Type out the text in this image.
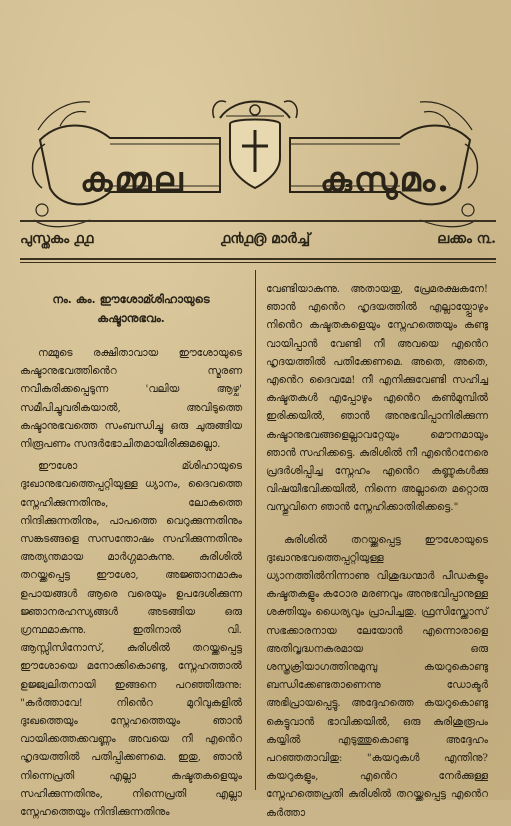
കമ്മല	കുസുമം.
പുസ്തകം ൧൧	൧൯൧൫ മാർച്ച്	ലക്കം ൩.
നം. കം. ഈശോമ്ശിഹായുടെ കഷ്ടാനുഭവം.

നമ്മുടെ രക്ഷിതാവായ ഈശോയുടെ കഷ്ടാനുഭവത്തിൻെറ സ്മരണ നവീകരിക്കപ്പെടുന്ന 'വലിയ ആഴ്ച' സമീപിച്ചുവരികയാൽ, അവിടുത്തെ കഷ്ടാനുഭവത്തെ സംബന്ധിച്ചു ഒരു ചുരുങ്ങിയ നിരൂപണം സന്ദർഭോചിതമായിരിക്കുമല്ലൊ.

ഈശോ മ്ശിഹായുടെ ദുഃഖാനുഭവത്തെപ്പറ്റിയുള്ള ധ്യാനം, ദൈവത്തെ സ്നേഹിക്കുന്നതിനും, ലോകത്തെ നിന്ദിക്കുന്നതിനും, പാപത്തെ വെറുക്കുന്നതിനും സങ്കടങ്ങളെ സസന്തോഷം സഹിക്കുന്നതിനും അത്യന്തമായ മാർഗ്ഗമാകുന്നു. കുരിശിൽ തറയ്ക്കപ്പെട്ട ഈശോ, അജ്ഞാനമാകും ഉപായങ്ങൾ ആരെ വരെയും ഉപദേശിക്കുന്ന ജ്ഞാനരഹസ്യങ്ങൾ അടങ്ങിയ ഒരു ഗ്രന്ഥമാകുന്നു. ഇതിനാൽ വി. ആസ്സിസിനോസ്, കുരിശിൽ തറയ്ക്കപ്പെട്ട ഈശോയെ മനോക്കികൊണ്ടു, സ്നേഹത്താൽ ഉജ്ജ്വലിതനായി ഇങ്ങനെ പറഞ്ഞിരുന്നു: "കർത്താവേ! നിൻെറ മുറിവുകളിൽ ദുഃഖത്തെയും സ്നേഹത്തെയും ഞാൻ വായിക്കത്തക്കവണ്ണം അവയെ നീ എൻെറ ഹൃദയത്തിൽ പതിപ്പിക്കണമെ. ഇതു, ഞാൻ നിന്നെപ്രതി എല്ലാ കഷ്ടതകളെയും സഹിക്കുന്നതിനും, നിന്നെപ്രതി എല്ലാ സ്നേഹത്തെയും നിന്ദിക്കുന്നതിനും

വേണ്ടിയാകുന്നു. അതായതു, പ്രേമരക്ഷകനേ! ഞാൻ എൻെറ ഹൃദയത്തിൽ എല്ലായ്പ്പോഴും നിൻെറ കഷ്ടതകളെയും സ്നേഹത്തെയും കണ്ടു വായിപ്പാൻ വേണ്ടി നീ അവയെ എൻെറ ഹൃദയത്തിൽ പതിക്കേണമെ. അതെ, അതെ, എൻെറ ദൈവമേ! നീ എനിക്കുവേണ്ടി സഹിച്ച കഷ്ടതകൾ എപ്പോഴും എൻെറ കൺമുമ്പിൽ ഇരിക്കയിൽ, ഞാൻ അനുഭവിപ്പാനിരിക്കുന്ന കഷ്ടാനുഭവങ്ങളെല്ലാവറ്റേയും മൌനമായും ഞാൻ സഹിക്കട്ടെ. കുരിശിൽ നീ എൻെറനേരെ പ്രദർശിപ്പിച്ച സ്നേഹം എൻെറ കണ്ണുകൾക്കു വിഷയീഭവിക്കയിൽ, നിന്നെ അല്ലാതെ മറ്റൊരു വസ്തുവിനെ ഞാൻ സ്നേഹിക്കാതിരിക്കട്ടെ."

കുരിശിൽ തറയ്ക്കപ്പെട്ട ഈശോയുടെ ദുഃഖാനുഭവത്തെപ്പറ്റിയുള്ള ധ്യാനത്തിൽനിന്നാണു വിശുദ്ധന്മാർ പീഡകളും കഷ്ടതകളും കഠോര മരണവും അനുഭവിപ്പാനുള്ള ശക്തിയും ധൈര്യവും പ്രാപിച്ചതു. ഫ്രസിസ്ക്കോസ് സഭക്കാരനായ ലേയോൻ എന്നൊരാളെ അതിവൃദ്ധനകരമായ ഒരു ശസ്ത്രക്രിയാഗത്തിനുമുമ്പു കയറുകൊണ്ടു ബന്ധിക്കേണ്ടതാണെന്നു ഡോക്ടർ അഭിപ്രായപ്പെട്ടു. അദ്ദേഹത്തെ കയറുകൊണ്ടു കെട്ടുവാൻ ഭാവിക്കയിൽ, ഒരു കുരിശുരൂപം കയ്യിൽ എടുത്തുകൊണ്ടു അദ്ദേഹം പറഞ്ഞതാവിതു: "കയറുകൾ എന്തിനു? കയറുകളും, എൻെറ നേർക്കുള്ള സ്നേഹത്തെപ്രതി കുരിശിൽ തറയ്ക്കപ്പെട്ട എൻെറ കർത്താ
